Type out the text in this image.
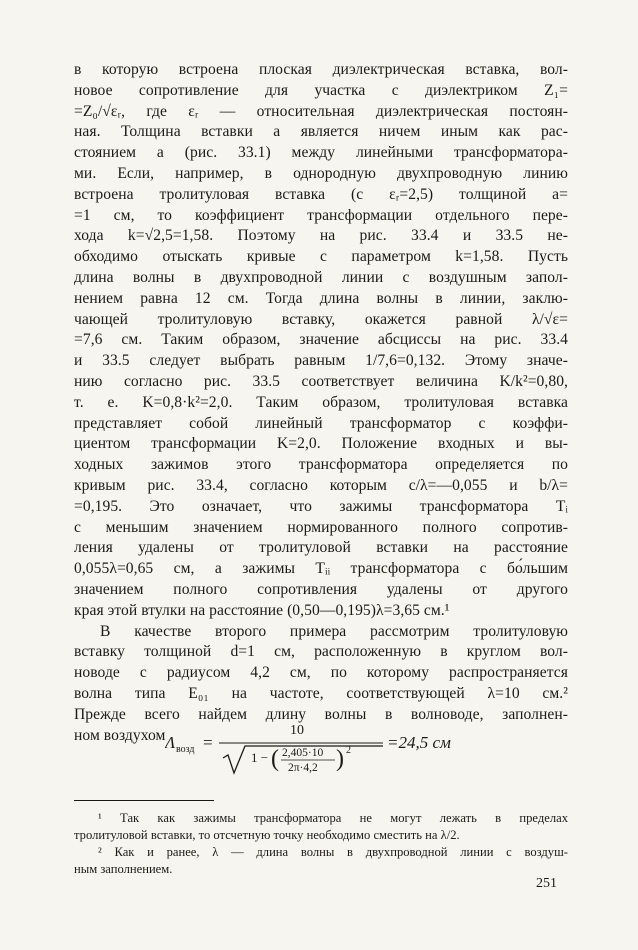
в которую встроена плоская диэлектрическая вставка, вол-
новое сопротивление для участка с диэлектриком Z₁=
=Z₀/√εᵣ, где εᵣ — относительная диэлектрическая постоян-
ная. Толщина вставки a является ничем иным как рас-
стоянием a (рис. 33.1) между линейными трансформатора-
ми. Если, например, в однородную двухпроводную линию
встроена тролитуловая вставка (с εᵣ=2,5) толщиной a=
=1 см, то коэффициент трансформации отдельного пере-
хода k=√2,5=1,58. Поэтому на рис. 33.4 и 33.5 не-
обходимо отыскать кривые с параметром k=1,58. Пусть
длина волны в двухпроводной линии с воздушным запол-
нением равна 12 см. Тогда длина волны в линии, заклю-
чающей тролитуловую вставку, окажется равной λ/√ε=
=7,6 см. Таким образом, значение абсциссы на рис. 33.4
и 33.5 следует выбрать равным 1/7,6=0,132. Этому значе-
нию согласно рис. 33.5 соответствует величина K/k²=0,80,
т. е. K=0,8·k²=2,0. Таким образом, тролитуловая вставка
представляет собой линейный трансформатор с коэффи-
циентом трансформации K=2,0. Положение входных и вы-
ходных зажимов этого трансформатора определяется по
кривым рис. 33.4, согласно которым c/λ=—0,055 и b/λ=
=0,195. Это означает, что зажимы трансформатора Tᵢ
с меньшим значением нормированного полного сопротив-
ления удалены от тролитуловой вставки на расстояние
0,055λ=0,65 см, а зажимы Tᵢᵢ трансформатора с бо́льшим
значением полного сопротивления удалены от другого
края этой втулки на расстояние (0,50—0,195)λ=3,65 см.¹
В качестве второго примера рассмотрим тролитуловую
вставку толщиной d=1 см, расположенную в круглом вол-
новоде с радиусом 4,2 см, по которому распространяется
волна типа E₀₁ на частоте, соответствующей λ=10 см.²
Прежде всего найдем длину волны в волноводе, заполнен-
ном воздухом Λ возд =
10
1 − ( 2,405·10
2π·4,2 ) 2 =24,5 см
¹ Так как зажимы трансформатора не могут лежать в пределах
тролитуловой вставки, то отсчетную точку необходимо сместить на λ/2.
² Как и ранее, λ — длина волны в двухпроводной линии с воздуш-
ным заполнением.
251
